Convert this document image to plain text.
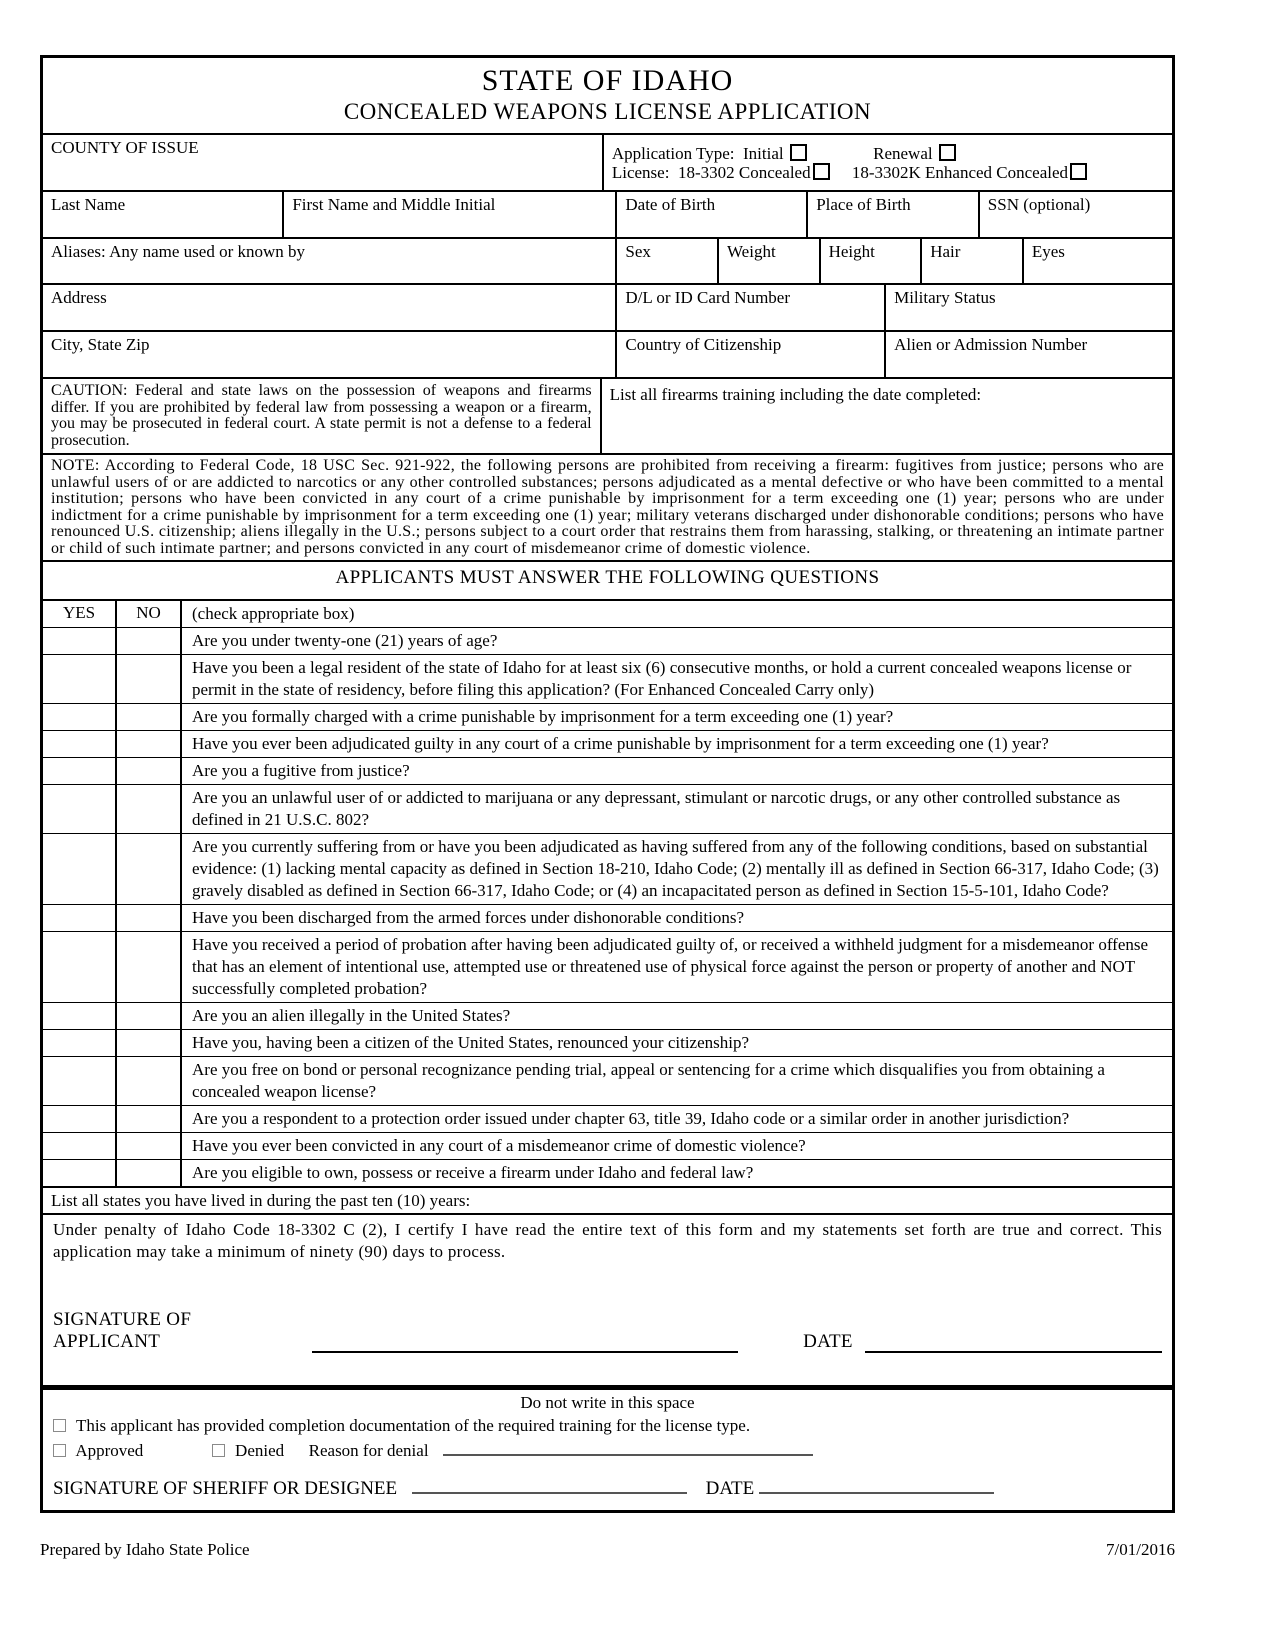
STATE OF IDAHO
CONCEALED WEAPONS LICENSE APPLICATION
COUNTY OF ISSUE	Application Type: Initial	Renewal
License: 18-3302 Concealed 18-3302K Enhanced Concealed
Last Name	First Name and Middle Initial	Date of Birth	Place of Birth	SSN (optional)
Aliases: Any name used or known by	Sex	Weight	Height	Hair	Eyes
Address	D/L or ID Card Number	Military Status
City, State Zip	Country of Citizenship	Alien or Admission Number
CAUTION: Federal and state laws on the possession of weapons and firearms differ. If you are prohibited by federal law from possessing a weapon or a firearm, you may be prosecuted in federal court. A state permit is not a defense to a federal prosecution.
List all firearms training including the date completed:
NOTE: According to Federal Code, 18 USC Sec. 921-922, the following persons are prohibited from receiving a firearm: fugitives from justice; persons who are unlawful users of or are addicted to narcotics or any other controlled substances; persons adjudicated as a mental defective or who have been committed to a mental institution; persons who have been convicted in any court of a crime punishable by imprisonment for a term exceeding one (1) year; persons who are under indictment for a crime punishable by imprisonment for a term exceeding one (1) year; military veterans discharged under dishonorable conditions; persons who have renounced U.S. citizenship; aliens illegally in the U.S.; persons subject to a court order that restrains them from harassing, stalking, or threatening an intimate partner or child of such intimate partner; and persons convicted in any court of misdemeanor crime of domestic violence.
APPLICANTS MUST ANSWER THE FOLLOWING QUESTIONS
YES	NO	(check appropriate box)
Are you under twenty-one (21) years of age?
Have you been a legal resident of the state of Idaho for at least six (6) consecutive months, or hold a current concealed weapons license or permit in the state of residency, before filing this application? (For Enhanced Concealed Carry only)
Are you formally charged with a crime punishable by imprisonment for a term exceeding one (1) year?
Have you ever been adjudicated guilty in any court of a crime punishable by imprisonment for a term exceeding one (1) year?
Are you a fugitive from justice?
Are you an unlawful user of or addicted to marijuana or any depressant, stimulant or narcotic drugs, or any other controlled substance as defined in 21 U.S.C. 802?
Are you currently suffering from or have you been adjudicated as having suffered from any of the following conditions, based on substantial evidence: (1) lacking mental capacity as defined in Section 18-210, Idaho Code; (2) mentally ill as defined in Section 66-317, Idaho Code; (3) gravely disabled as defined in Section 66-317, Idaho Code; or (4) an incapacitated person as defined in Section 15-5-101, Idaho Code?
Have you been discharged from the armed forces under dishonorable conditions?
Have you received a period of probation after having been adjudicated guilty of, or received a withheld judgment for a misdemeanor offense that has an element of intentional use, attempted use or threatened use of physical force against the person or property of another and NOT successfully completed probation?
Are you an alien illegally in the United States?
Have you, having been a citizen of the United States, renounced your citizenship?
Are you free on bond or personal recognizance pending trial, appeal or sentencing for a crime which disqualifies you from obtaining a concealed weapon license?
Are you a respondent to a protection order issued under chapter 63, title 39, Idaho code or a similar order in another jurisdiction?
Have you ever been convicted in any court of a misdemeanor crime of domestic violence?
Are you eligible to own, possess or receive a firearm under Idaho and federal law?
List all states you have lived in during the past ten (10) years:
Under penalty of Idaho Code 18-3302 C (2), I certify I have read the entire text of this form and my statements set forth are true and correct. This application may take a minimum of ninety (90) days to process.
SIGNATURE OF APPLICANT	DATE
Do not write in this space
This applicant has provided completion documentation of the required training for the license type.
Approved	Denied Reason for denial
SIGNATURE OF SHERIFF OR DESIGNEE	DATE
Prepared by Idaho State Police	7/01/2016
